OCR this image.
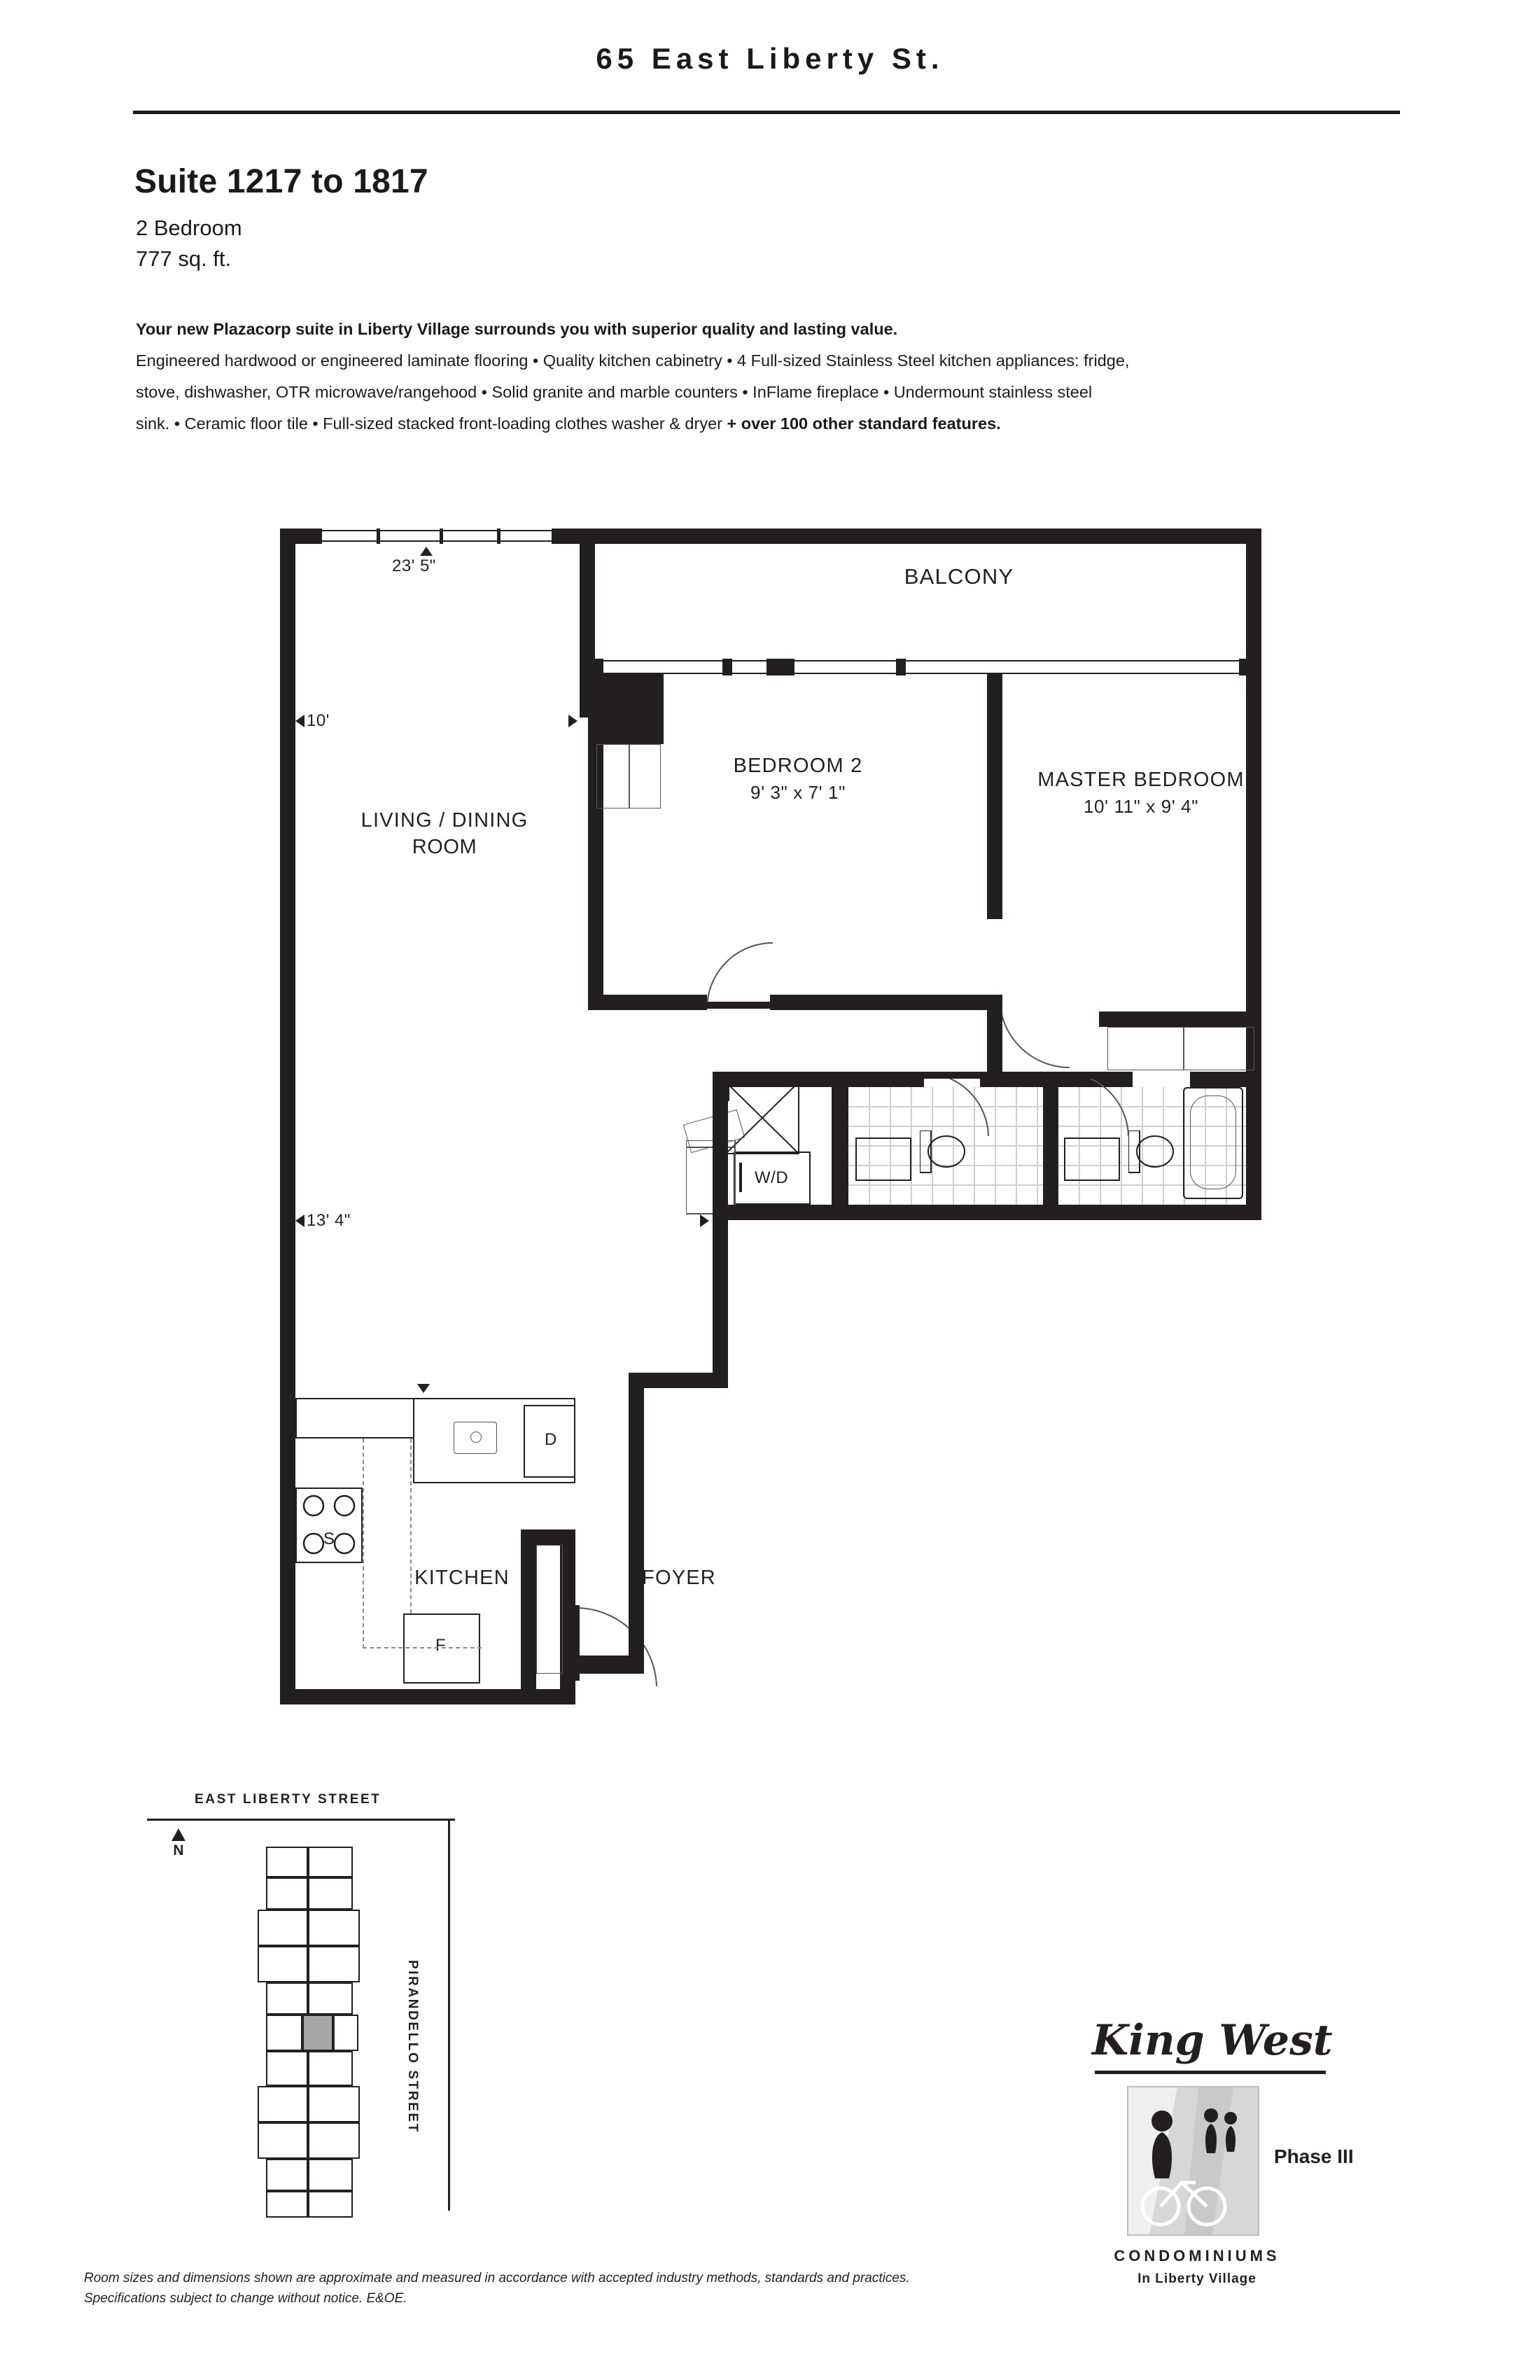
65 East Liberty St.
Suite 1217 to 1817
2 Bedroom
777 sq. ft.
Your new Plazacorp suite in Liberty Village surrounds you with superior quality and lasting value.
Engineered hardwood or engineered laminate flooring • Quality kitchen cabinetry • 4 Full-sized Stainless Steel kitchen appliances: fridge, stove, dishwasher, OTR microwave/rangehood • Solid granite and marble counters • InFlame fireplace • Undermount stainless steel sink. • Ceramic floor tile • Full-sized stacked front-loading clothes washer & dryer + over 100 other standard features.
W/D
D
S
F
BALCONY
BEDROOM 2
9' 3" x 7' 1"
MASTER BEDROOM
10' 11" x 9' 4"
LIVING / DINING
ROOM
KITCHEN	FOYER
23' 5"
10'
13' 4"
EAST LIBERTY STREET
PIRANDELLO STREET
N
Room sizes and dimensions shown are approximate and measured in accordance with accepted industry methods, standards and practices.
Specifications subject to change without notice. E&OE.
King West
Phase III
CONDOMINIUMS
In Liberty Village
